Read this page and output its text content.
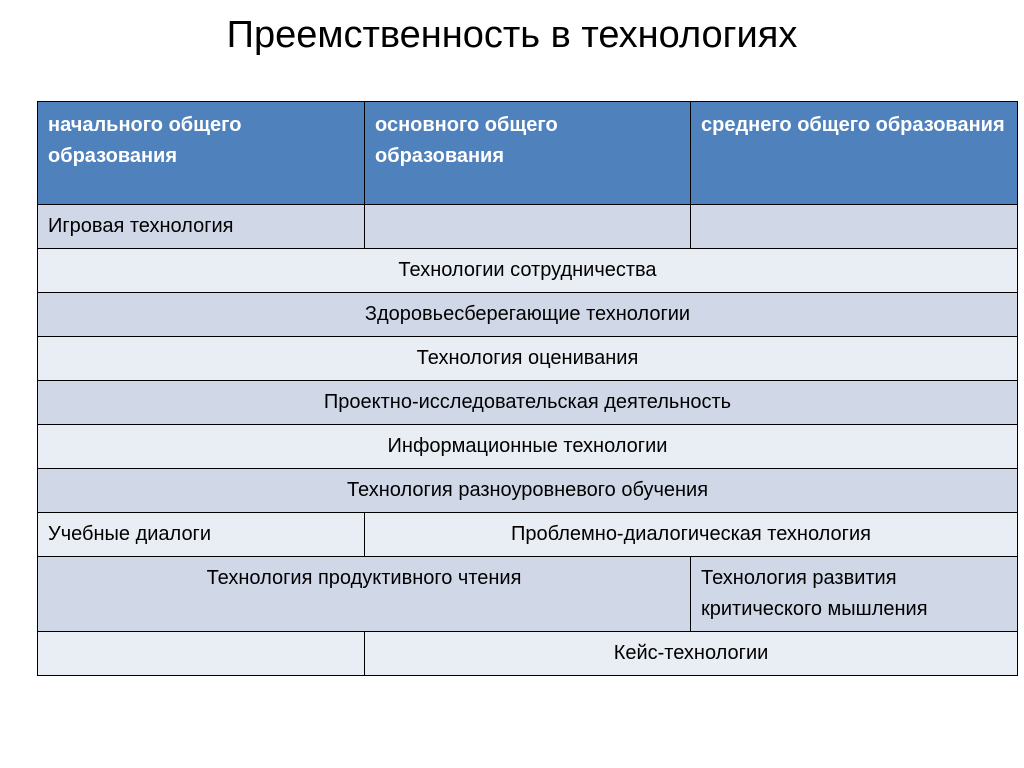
Преемственность в технологиях
начального общего образования	основного общего образования	среднего общего образования
Игровая технология		
Технологии сотрудничества		
Здоровьесберегающие технологии		
Технология оценивания		
Проектно-исследовательская деятельность		
Информационные технологии		
Технология разноуровневого обучения		
Учебные диалоги	Проблемно-диалогическая технология	
Технология продуктивного чтения		Технология развития критического мышления
	Кейс-технологии	
